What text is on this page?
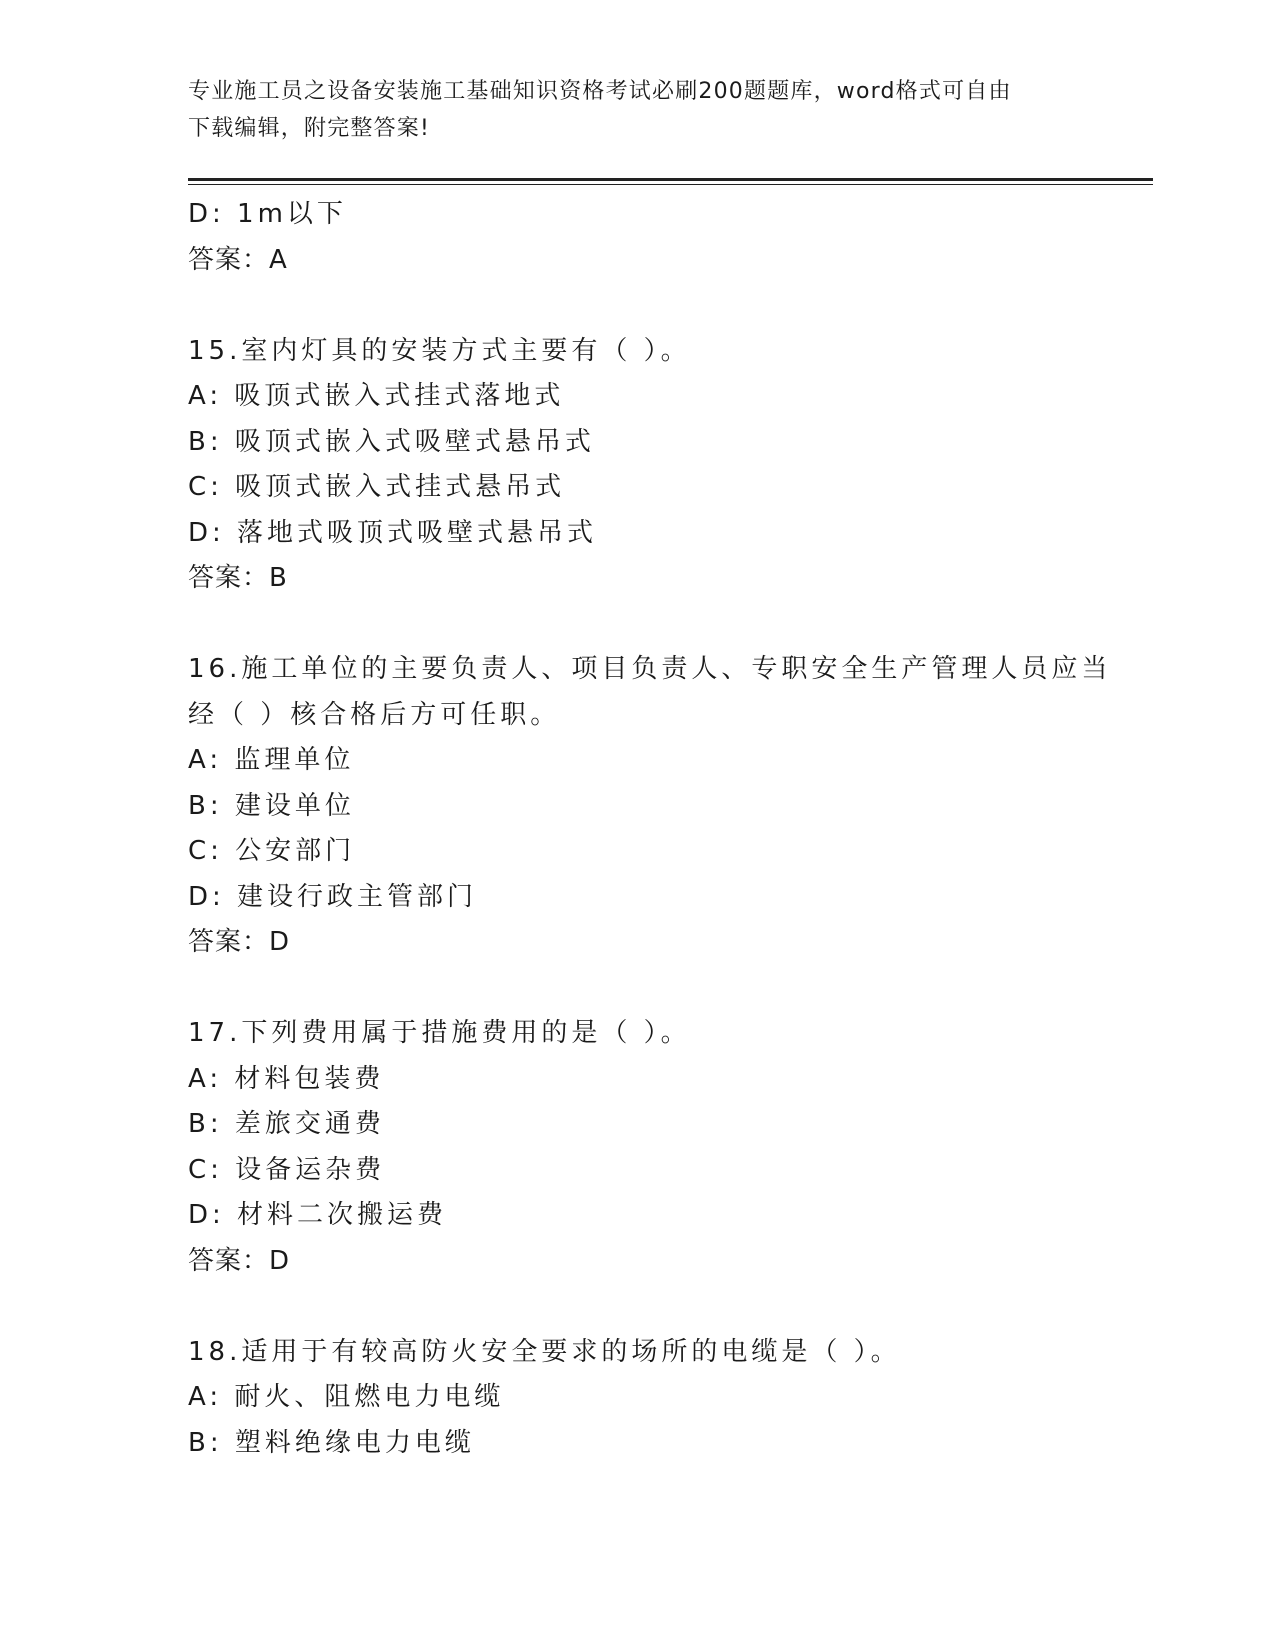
专业施工员之设备安装施工基础知识资格考试必刷200题题库，word格式可自由
下载编辑，附完整答案!
D: 1m以下
答案：A
15.室内灯具的安装方式主要有（ ）。
A: 吸顶式嵌入式挂式落地式
B: 吸顶式嵌入式吸壁式悬吊式
C: 吸顶式嵌入式挂式悬吊式
D: 落地式吸顶式吸壁式悬吊式
答案：B
16.施工单位的主要负责人、项目负责人、专职安全生产管理人员应当
经（ ）核合格后方可任职。
A: 监理单位
B: 建设单位
C: 公安部门
D: 建设行政主管部门
答案：D
17.下列费用属于措施费用的是（ ）。
A: 材料包装费
B: 差旅交通费
C: 设备运杂费
D: 材料二次搬运费
答案：D
18.适用于有较高防火安全要求的场所的电缆是（ ）。
A: 耐火、阻燃电力电缆
B: 塑料绝缘电力电缆
